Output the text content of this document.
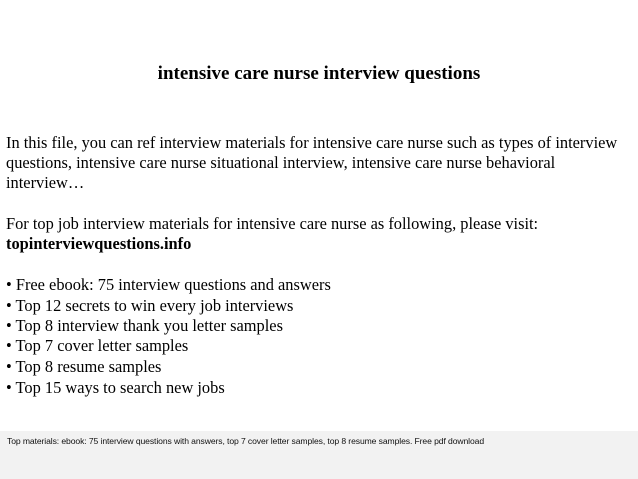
intensive care nurse interview questions
In this file, you can ref interview materials for intensive care nurse such as types of interview questions, intensive care nurse situational interview, intensive care nurse behavioral interview…
For top job interview materials for intensive care nurse as following, please visit:
topinterviewquestions.info
• Free ebook: 75 interview questions and answers
• Top 12 secrets to win every job interviews
• Top 8 interview thank you letter samples
• Top 7 cover letter samples
• Top 8 resume samples
• Top 15 ways to search new jobs
Top materials: ebook: 75 interview questions with answers, top 7 cover letter samples, top 8 resume samples. Free pdf download
